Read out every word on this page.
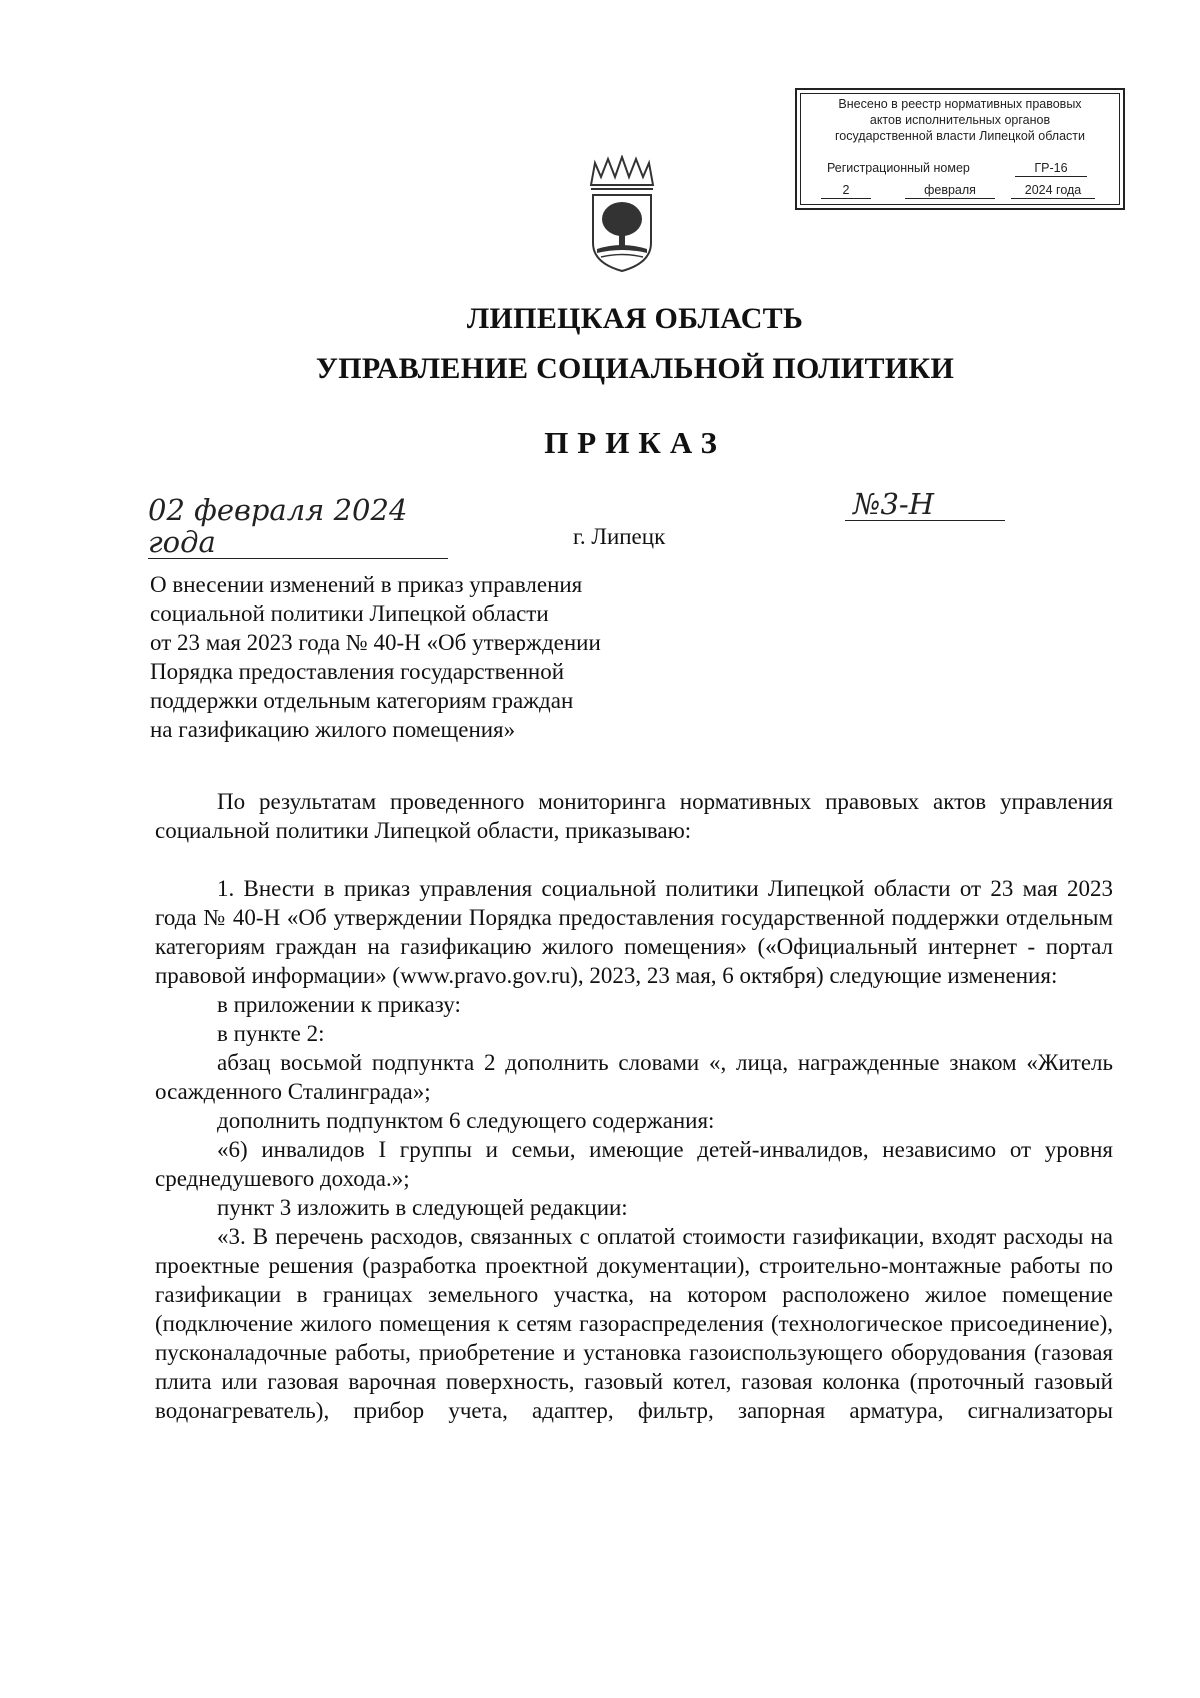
Внесено в реестр нормативных правовых
актов исполнительных органов
государственной власти Липецкой области
Регистрационный номер	ГР-16
2	февраля	2024 года
ЛИПЕЦКАЯ ОБЛАСТЬ
УПРАВЛЕНИЕ СОЦИАЛЬНОЙ ПОЛИТИКИ
ПРИКАЗ
02 февраля 2024 года
№3-Н
г. Липецк
О внесении изменений в приказ управления
социальной политики Липецкой области
от 23 мая 2023 года № 40-Н «Об утверждении
Порядка предоставления государственной
поддержки отдельным категориям граждан
на газификацию жилого помещения»

По результатам проведенного мониторинга нормативных правовых актов управления социальной политики Липецкой области, приказываю:

1. Внести в приказ управления социальной политики Липецкой области от 23 мая 2023 года № 40-Н «Об утверждении Порядка предоставления государственной поддержки отдельным категориям граждан на газификацию жилого помещения» («Официальный интернет - портал правовой информации» (www.pravo.gov.ru), 2023, 23 мая, 6 октября) следующие изменения:

в приложении к приказу:

в пункте 2:

абзац восьмой подпункта 2 дополнить словами «, лица, награжденные знаком «Житель осажденного Сталинграда»;

дополнить подпунктом 6 следующего содержания:

«6) инвалидов I группы и семьи, имеющие детей-инвалидов, независимо от уровня среднедушевого дохода.»;

пункт 3 изложить в следующей редакции:

«3. В перечень расходов, связанных с оплатой стоимости газификации, входят расходы на проектные решения (разработка проектной документации), строительно-монтажные работы по газификации в границах земельного участка, на котором расположено жилое помещение (подключение жилого помещения к сетям газораспределения (технологическое присоединение), пусконаладочные работы, приобретение и установка газоиспользующего оборудования (газовая плита или газовая варочная поверхность, газовый котел, газовая колонка (проточный газовый водонагреватель), прибор учета, адаптер, фильтр, запорная арматура, сигнализаторы
